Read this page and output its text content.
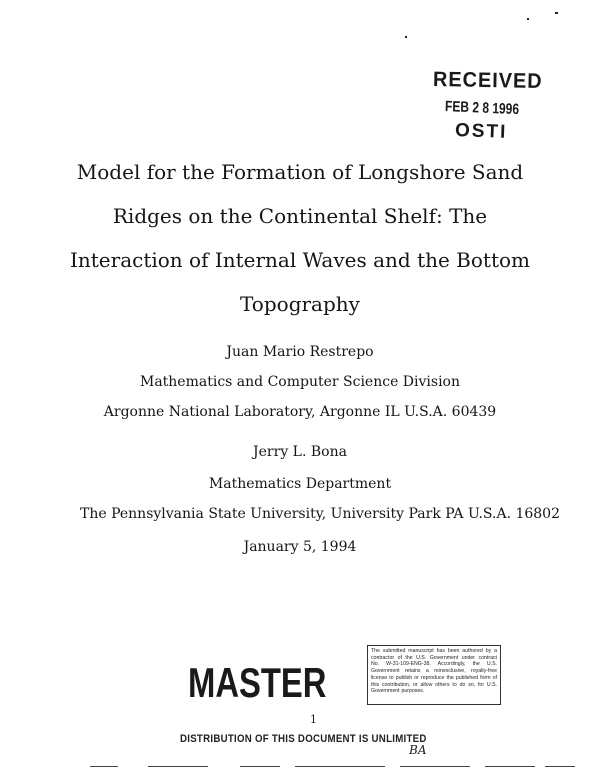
RECEIVED
FEB 2 8 1996
OSTI
Model for the Formation of Longshore Sand
Ridges on the Continental Shelf: The
Interaction of Internal Waves and the Bottom
Topography
Juan Mario Restrepo
Mathematics and Computer Science Division
Argonne National Laboratory, Argonne IL U.S.A. 60439
Jerry L. Bona
Mathematics Department
The Pennsylvania State University, University Park PA U.S.A. 16802
January 5, 1994
MASTER
The submitted manuscript has been authored by a contractor of the U.S. Government under contract No. W-31-109-ENG-38. Accordingly, the U.S. Government retains a nonexclusive, royalty-free license to publish or reproduce the published form of this contribution, or allow others to do so, for U.S. Government purposes.
1
DISTRIBUTION OF THIS DOCUMENT IS UNLIMITED
BA
